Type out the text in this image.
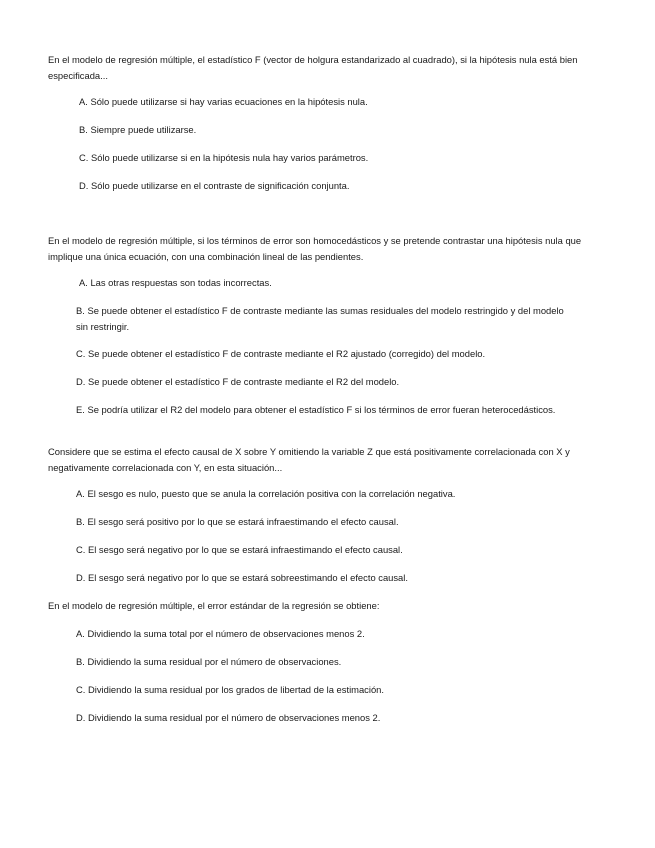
En el modelo de regresión múltiple, el estadístico F (vector de holgura estandarizado al cuadrado), si la hipótesis nula está bien especificada...
A. Sólo puede utilizarse si hay varias ecuaciones en la hipótesis nula.
B. Siempre puede utilizarse.
C. Sólo puede utilizarse si en la hipótesis nula hay varios parámetros.
D. Sólo puede utilizarse en el contraste de significación conjunta.
En el modelo de regresión múltiple, si los términos de error son homocedásticos y se pretende contrastar una hipótesis nula que implique una única ecuación, con una combinación lineal de las pendientes.
A. Las otras respuestas son todas incorrectas.
B. Se puede obtener el estadístico F de contraste mediante las sumas residuales del modelo restringido y del modelo sin restringir.
C. Se puede obtener el estadístico F de contraste mediante el R2 ajustado (corregido) del modelo.
D. Se puede obtener el estadístico F de contraste mediante el R2 del modelo.
E. Se podría utilizar el R2 del modelo para obtener el estadístico F si los términos de error fueran heterocedásticos.
Considere que se estima el efecto causal de X sobre Y omitiendo la variable Z que está positivamente correlacionada con X y negativamente correlacionada con Y, en esta situación...
A. El sesgo es nulo, puesto que se anula la correlación positiva con la correlación negativa.
B. El sesgo será positivo por lo que se estará infraestimando el efecto causal.
C. El sesgo será negativo por lo que se estará infraestimando el efecto causal.
D. El sesgo será negativo por lo que se estará sobreestimando el efecto causal.
En el modelo de regresión múltiple, el error estándar de la regresión se obtiene:
A. Dividiendo la suma total por el número de observaciones menos 2.
B. Dividiendo la suma residual por el número de observaciones.
C. Dividiendo la suma residual por los grados de libertad de la estimación.
D. Dividiendo la suma residual por el número de observaciones menos 2.
